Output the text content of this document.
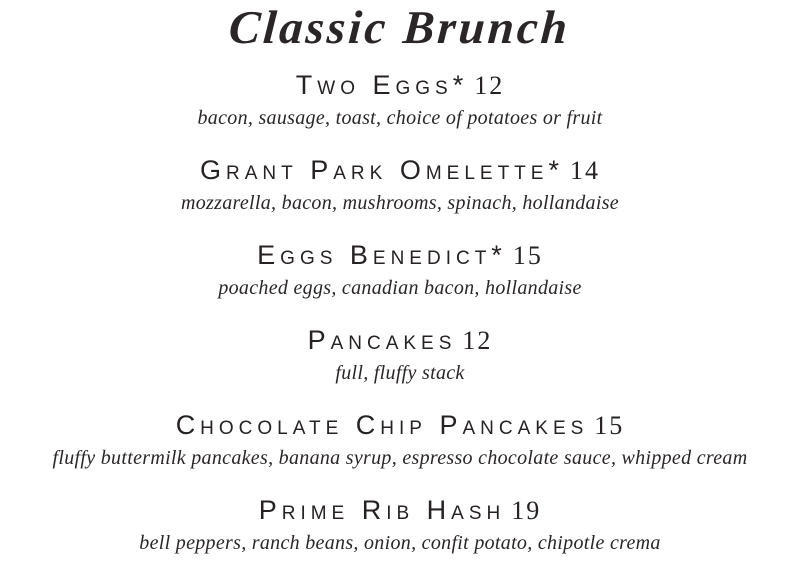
Classic Brunch
Two Eggs* 12
bacon, sausage, toast, choice of potatoes or fruit
Grant Park Omelette* 14
mozzarella, bacon, mushrooms, spinach, hollandaise
Eggs Benedict* 15
poached eggs, canadian bacon, hollandaise
Pancakes 12
full, fluffy stack
Chocolate Chip Pancakes 15
fluffy buttermilk pancakes, banana syrup, espresso chocolate sauce, whipped cream
Prime Rib Hash 19
bell peppers, ranch beans, onion, confit potato, chipotle crema
